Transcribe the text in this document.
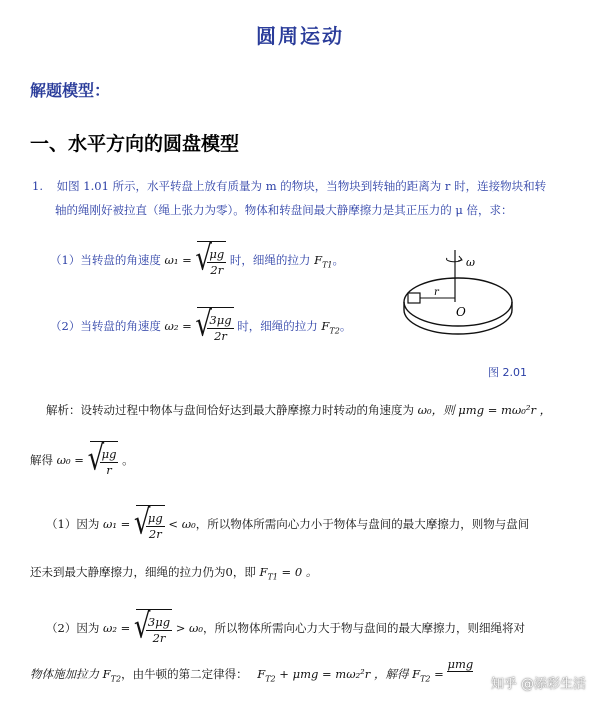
圆周运动
解题模型：
一、水平方向的圆盘模型
1. 如图 1.01 所示，水平转盘上放有质量为 m 的物块，当物块到转轴的距离为 r 时，连接物块和转
轴的绳刚好被拉直（绳上张力为零）。物体和转盘间最大静摩擦力是其正压力的 μ 倍，求：
（1）当转盘的角速度 ω₁ = √ $\frac{\mu g}{2r}$ 时，细绳的拉力 $F_{T1}$。
（2）当转盘的角速度 ω₂ = √ $\frac{3\mu g}{2r}$ 时，细绳的拉力 $F_{T2}$。
r
O
ω
图 2.01
解析：设转动过程中物体与盘间恰好达到最大静摩擦力时转动的角速度为 ω₀，则 μmg = mω₀²r ，
解得 ω₀ = √ $\frac{\mu g}{r}$ 。
（1）因为 ω₁ = √ $\frac{\mu g}{2r} < \omega_0$，所以物体所需向心力小于物体与盘间的最大摩擦力，则物与盘间
还未到最大静摩擦力，细绳的拉力仍为0，即 $F_{T1} = 0$ 。
（2）因为 ω₂ = √ $\frac{3\mu g}{2r} > \omega_0$，所以物体所需向心力大于物与盘间的最大摩擦力，则细绳将对
物体施加拉力 $F_{T2}$，由牛顿的第二定律得： $F_{T2} + \mu mg = m\omega_2^2r$ ，解得 $F_{T2} = \mu mg$
知乎 @添彩生活
